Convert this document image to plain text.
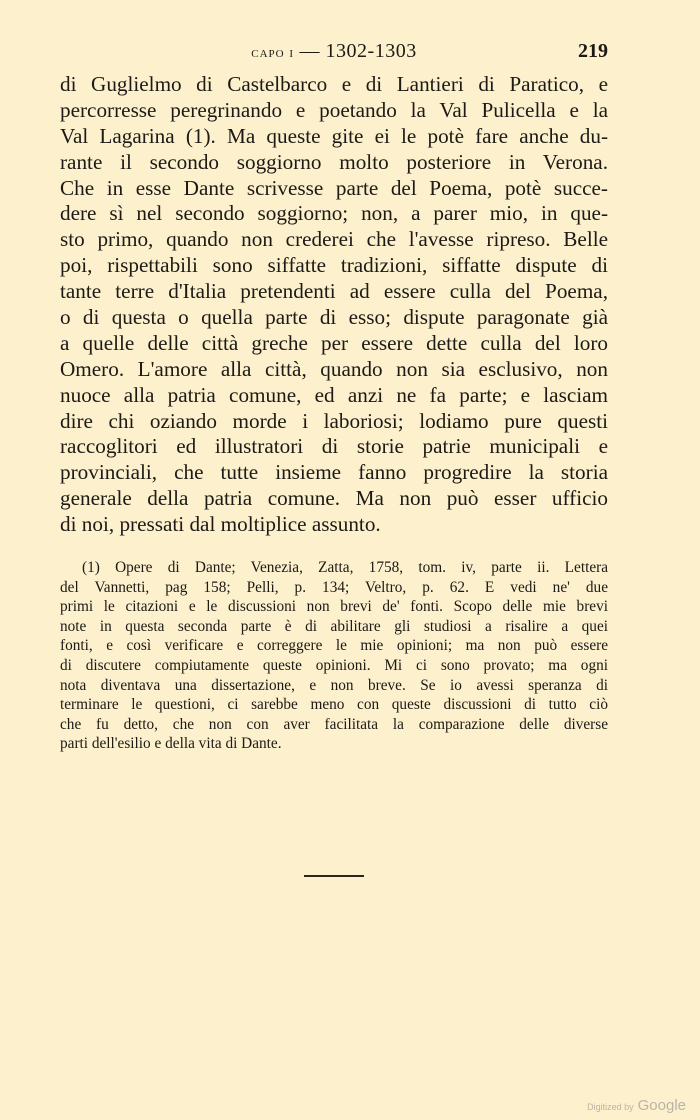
capo i — 1302-1303	219
di Guglielmo di Castelbarco e di Lantieri di Paratico, e
percorresse peregrinando e poetando la Val Pulicella e la
Val Lagarina (1). Ma queste gite ei le potè fare anche du-
rante il secondo soggiorno molto posteriore in Verona.
Che in esse Dante scrivesse parte del Poema, potè succe-
dere sì nel secondo soggiorno; non, a parer mio, in que-
sto primo, quando non crederei che l'avesse ripreso. Belle
poi, rispettabili sono siffatte tradizioni, siffatte dispute di
tante terre d'Italia pretendenti ad essere culla del Poema,
o di questa o quella parte di esso; dispute paragonate già
a quelle delle città greche per essere dette culla del loro
Omero. L'amore alla città, quando non sia esclusivo, non
nuoce alla patria comune, ed anzi ne fa parte; e lasciam
dire chi oziando morde i laboriosi; lodiamo pure questi
raccoglitori ed illustratori di storie patrie municipali e
provinciali, che tutte insieme fanno progredire la storia
generale della patria comune. Ma non può esser ufficio
di noi, pressati dal moltiplice assunto.
(1) Opere di Dante; Venezia, Zatta, 1758, tom. iv, parte ii. Lettera
del Vannetti, pag 158; Pelli, p. 134; Veltro, p. 62. E vedi ne' due
primi le citazioni e le discussioni non brevi de' fonti. Scopo delle mie brevi
note in questa seconda parte è di abilitare gli studiosi a risalire a quei
fonti, e così verificare e correggere le mie opinioni; ma non può essere
di discutere compiutamente queste opinioni. Mi ci sono provato; ma ogni
nota diventava una dissertazione, e non breve. Se io avessi speranza di
terminare le questioni, ci sarebbe meno con queste discussioni di tutto ciò
che fu detto, che non con aver facilitata la comparazione delle diverse
parti dell'esilio e della vita di Dante.
Digitized by Google
